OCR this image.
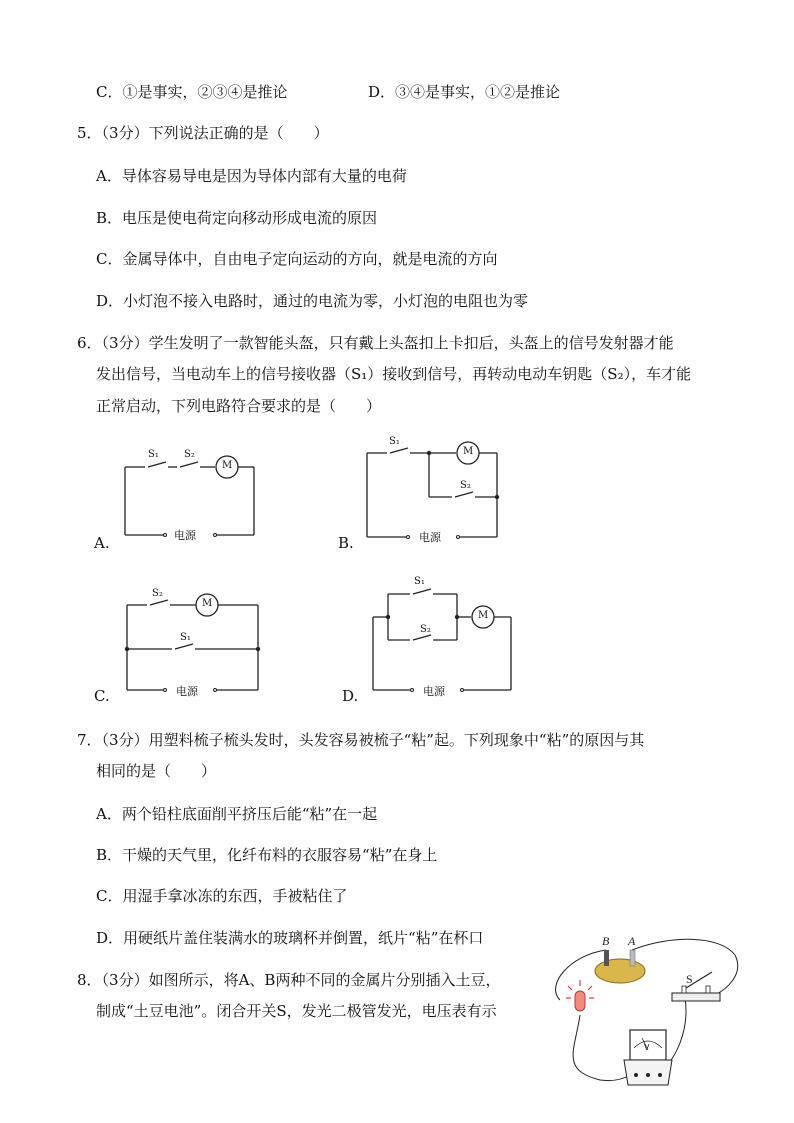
C．①是事实，②③④是推论	D．③④是事实，①②是推论
5．（3分）下列说法正确的是（　　）
A．导体容易导电是因为导体内部有大量的电荷
B．电压是使电荷定向移动形成电流的原因
C．金属导体中，自由电子定向运动的方向，就是电流的方向
D．小灯泡不接入电路时，通过的电流为零，小灯泡的电阻也为零
6．（3分）学生发明了一款智能头盔，只有戴上头盔扣上卡扣后，头盔上的信号发射器才能
发出信号，当电动车上的信号接收器（S₁）接收到信号，再转动电动车钥匙（S₂），车才能
正常启动，下列电路符合要求的是（　　）
A.	B.
C.	D.
电源	电源
电源	电源
M
M
M
M
S₁	S₂
S₁
S₂
S₂
S₁
S₁
S₂
7．（3分）用塑料梳子梳头发时，头发容易被梳子“粘”起。下列现象中“粘”的原因与其
相同的是（　　）
A．两个铅柱底面削平挤压后能“粘”在一起
B．干燥的天气里，化纤布料的衣服容易“粘”在身上
C．用湿手拿冰冻的东西，手被粘住了
D．用硬纸片盖住装满水的玻璃杯并倒置，纸片“粘”在杯口
8．（3分）如图所示，将A、B两种不同的金属片分别插入土豆，
制成“土豆电池”。闭合开关S，发光二极管发光，电压表有示
B A
S
V
